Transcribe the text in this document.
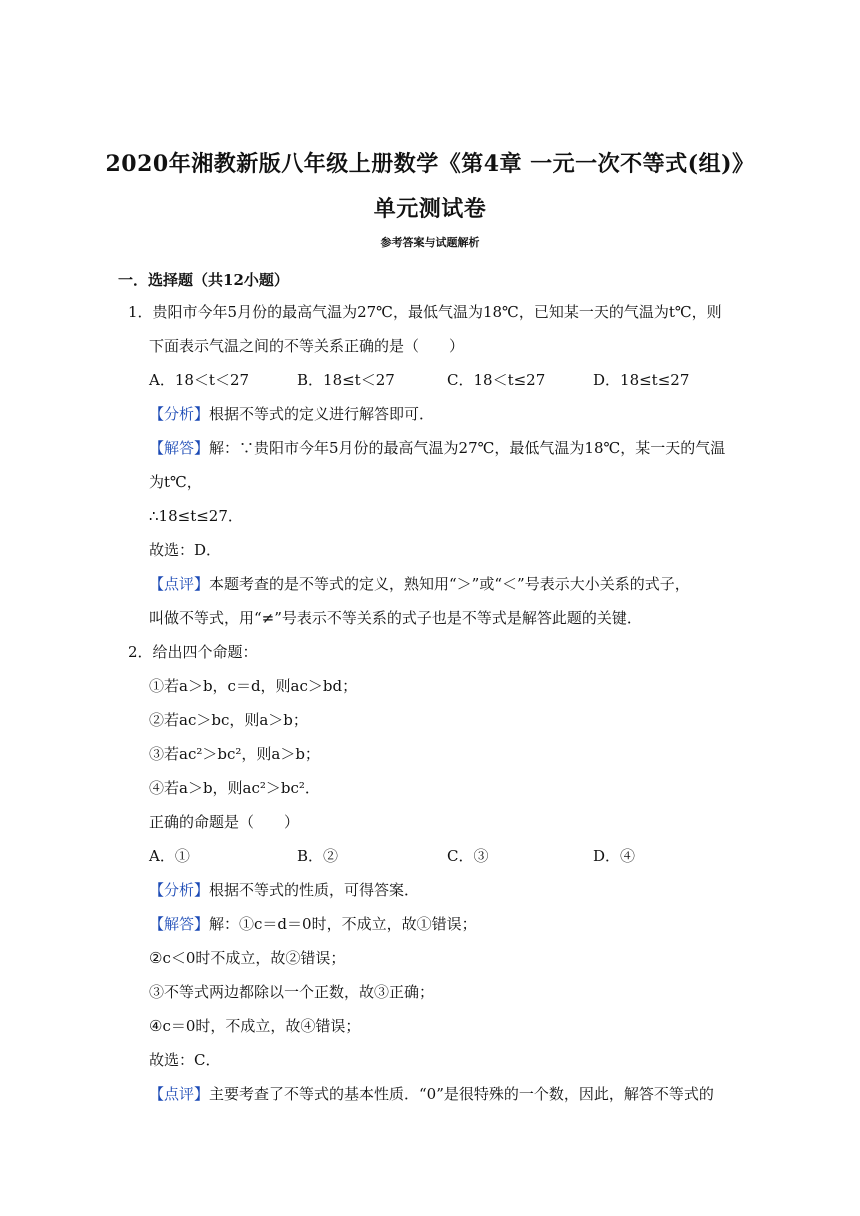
2020年湘教新版八年级上册数学《第4章 一元一次不等式(组)》
单元测试卷
参考答案与试题解析
一．选择题（共12小题）
1．贵阳市今年5月份的最高气温为27℃，最低气温为18℃，已知某一天的气温为t℃，则
下面表示气温之间的不等关系正确的是（　　）
A．18＜t＜27	B．18≤t＜27	C．18＜t≤27	D．18≤t≤27
【分析】根据不等式的定义进行解答即可．
【解答】解：∵贵阳市今年5月份的最高气温为27℃，最低气温为18℃，某一天的气温
为t℃，
∴18≤t≤27．
故选：D．
【点评】本题考查的是不等式的定义，熟知用“＞”或“＜”号表示大小关系的式子，
叫做不等式，用“≠”号表示不等关系的式子也是不等式是解答此题的关键．
2．给出四个命题：
①若a＞b，c＝d，则ac＞bd；
②若ac＞bc，则a＞b；
③若ac²＞bc²，则a＞b；
④若a＞b，则ac²＞bc²．
正确的命题是（　　）
A．①	B．②	C．③	D．④
【分析】根据不等式的性质，可得答案．
【解答】解：①c＝d＝0时，不成立，故①错误；
②c＜0时不成立，故②错误；
③不等式两边都除以一个正数，故③正确；
④c＝0时，不成立，故④错误；
故选：C．
【点评】主要考查了不等式的基本性质．“0”是很特殊的一个数，因此，解答不等式的
